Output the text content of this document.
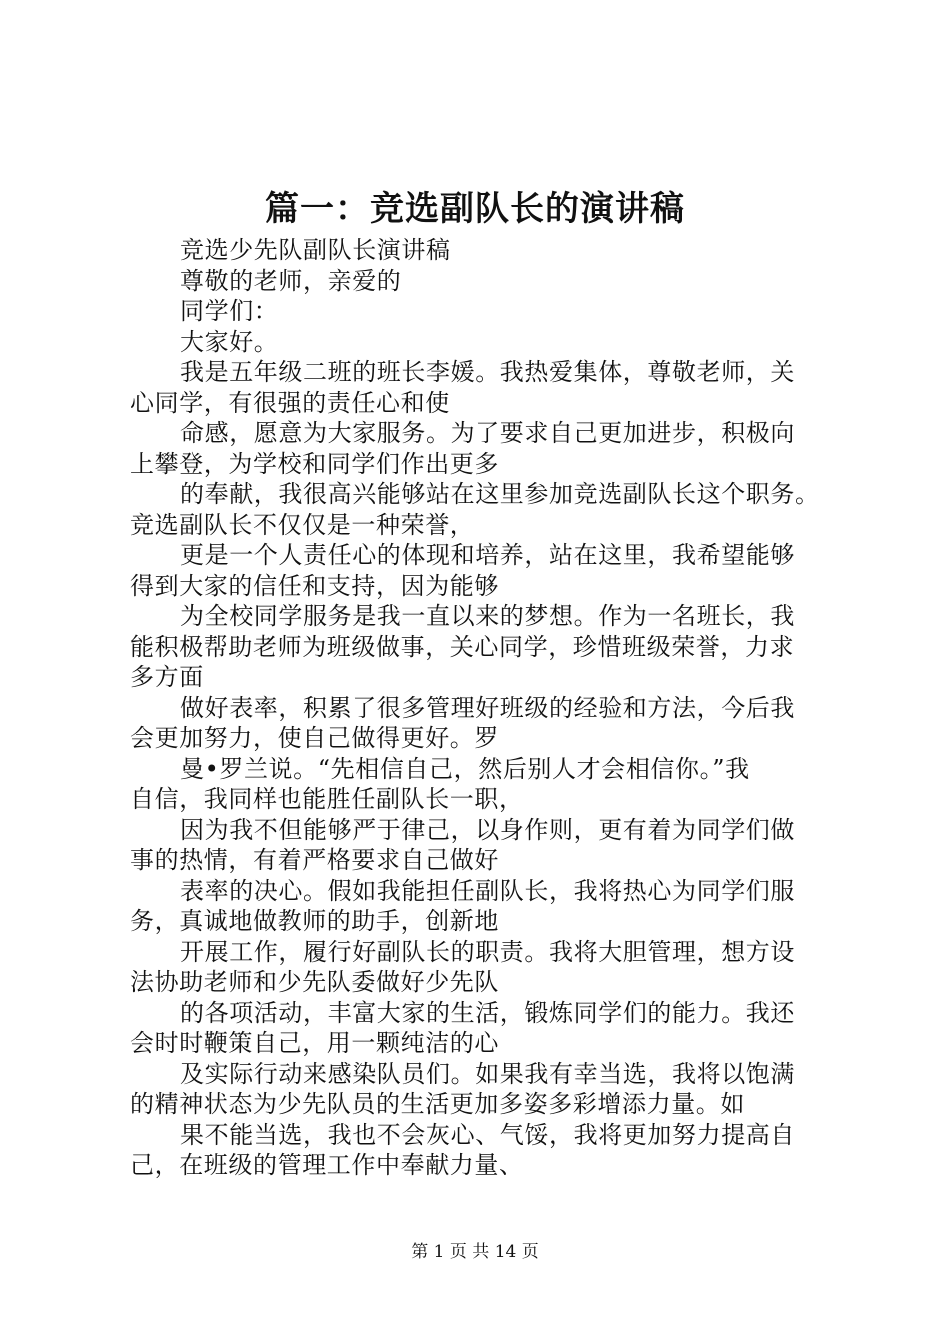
篇一：竞选副队长的演讲稿
竞选少先队副队长演讲稿
尊敬的老师，亲爱的
同学们：
大家好。
我是五年级二班的班长李媛。我热爱集体，尊敬老师，关
心同学，有很强的责任心和使
命感，愿意为大家服务。为了要求自己更加进步，积极向
上攀登，为学校和同学们作出更多
的奉献，我很高兴能够站在这里参加竞选副队长这个职务。
竞选副队长不仅仅是一种荣誉，
更是一个人责任心的体现和培养，站在这里，我希望能够
得到大家的信任和支持，因为能够
为全校同学服务是我一直以来的梦想。作为一名班长，我
能积极帮助老师为班级做事，关心同学，珍惜班级荣誉，力求
多方面
做好表率，积累了很多管理好班级的经验和方法，今后我
会更加努力，使自己做得更好。罗
曼•罗兰说。“先相信自己，然后别人才会相信你。”我
自信，我同样也能胜任副队长一职，
因为我不但能够严于律己，以身作则，更有着为同学们做
事的热情，有着严格要求自己做好
表率的决心。假如我能担任副队长，我将热心为同学们服
务，真诚地做教师的助手，创新地
开展工作，履行好副队长的职责。我将大胆管理，想方设
法协助老师和少先队委做好少先队
的各项活动，丰富大家的生活，锻炼同学们的能力。我还
会时时鞭策自己，用一颗纯洁的心
及实际行动来感染队员们。如果我有幸当选，我将以饱满
的精神状态为少先队员的生活更加多姿多彩增添力量。如
果不能当选，我也不会灰心、气馁，我将更加努力提高自
己，在班级的管理工作中奉献力量、
第 1 页 共 14 页
